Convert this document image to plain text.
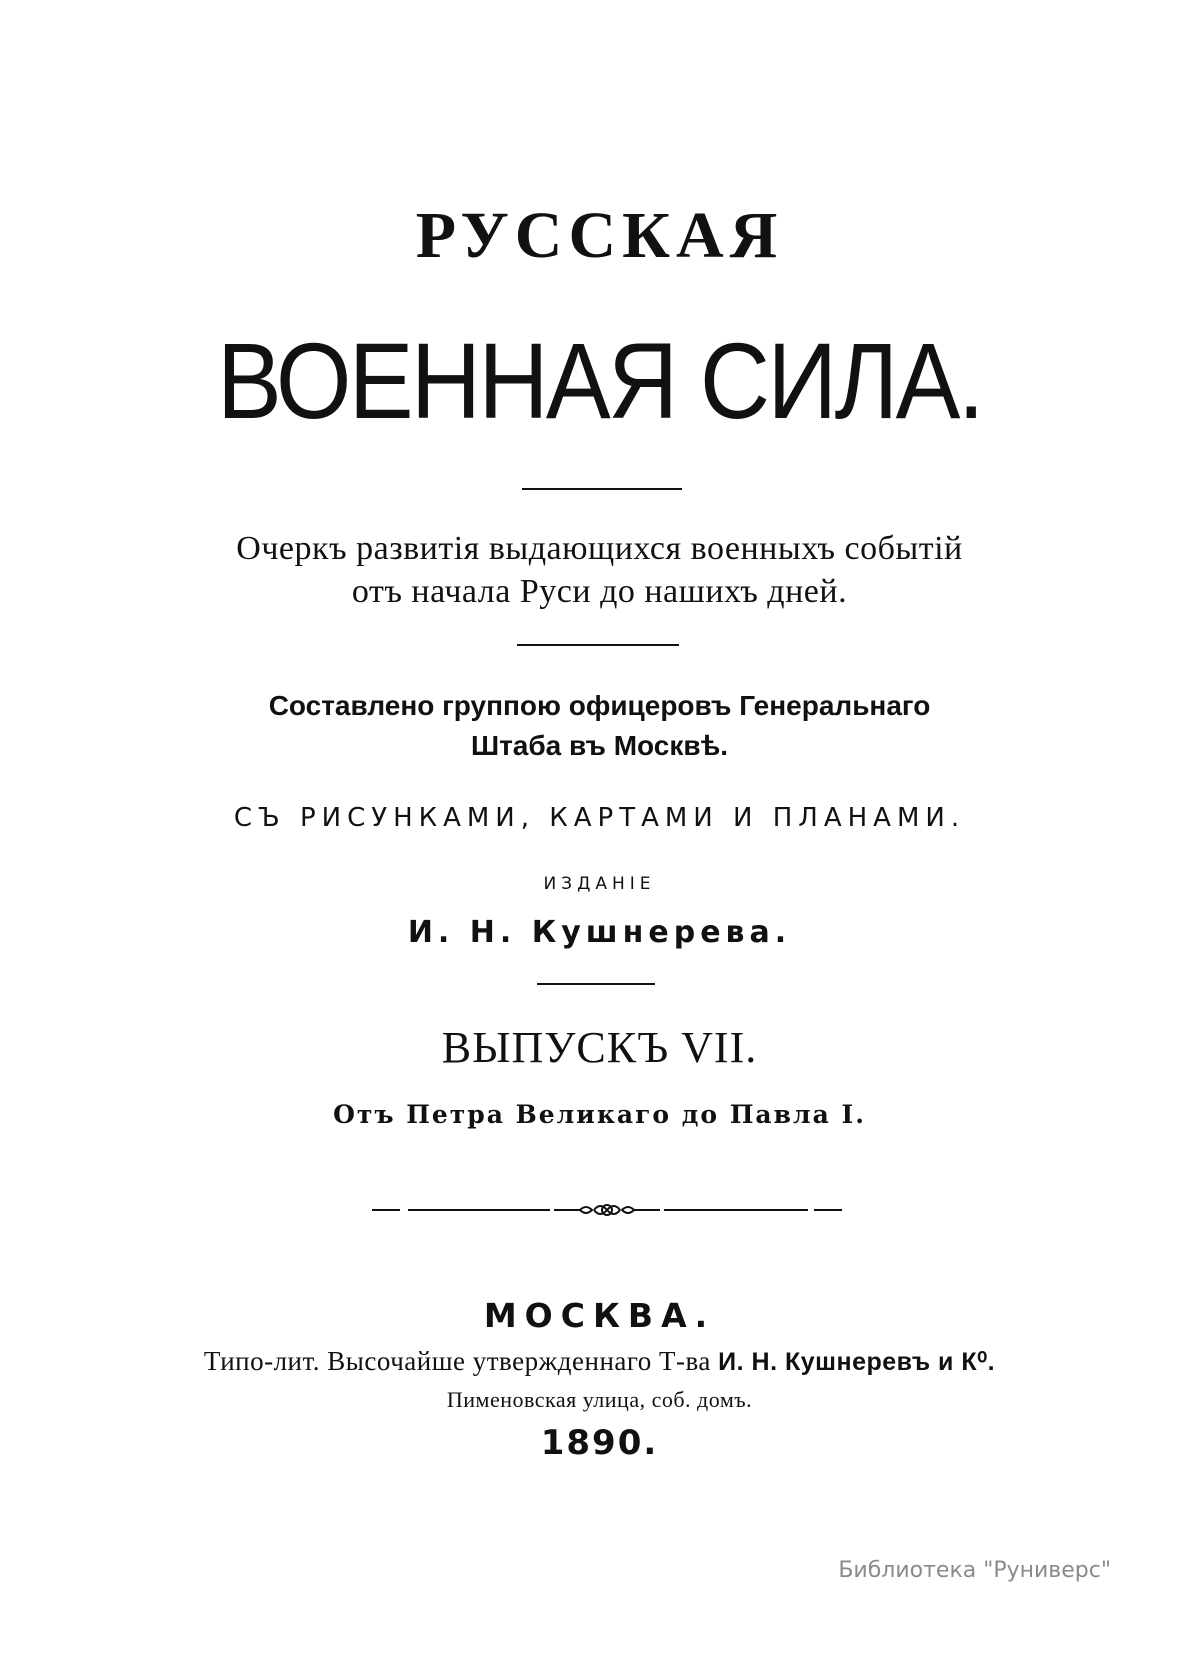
РУССКАЯ
ВОЕННАЯ СИЛА.
Очеркъ развитія выдающихся военныхъ событій
отъ начала Руси до нашихъ дней.
Составлено группою офицеровъ Генеральнаго
Штаба въ Москвѣ.
СЪ РИСУНКАМИ, КАРТАМИ И ПЛАНАМИ.
ИЗДАНІЕ
И. Н. Кушнерева.
ВЫПУСКЪ VII.
Отъ Петра Великаго до Павла I.
МОСКВА.
Типо-лит. Высочайше утвержденнаго Т-ва И. Н. Кушнеревъ и К⁰.
Пименовская улица, соб. домъ.
1890.
Библиотека "Руниверс"
